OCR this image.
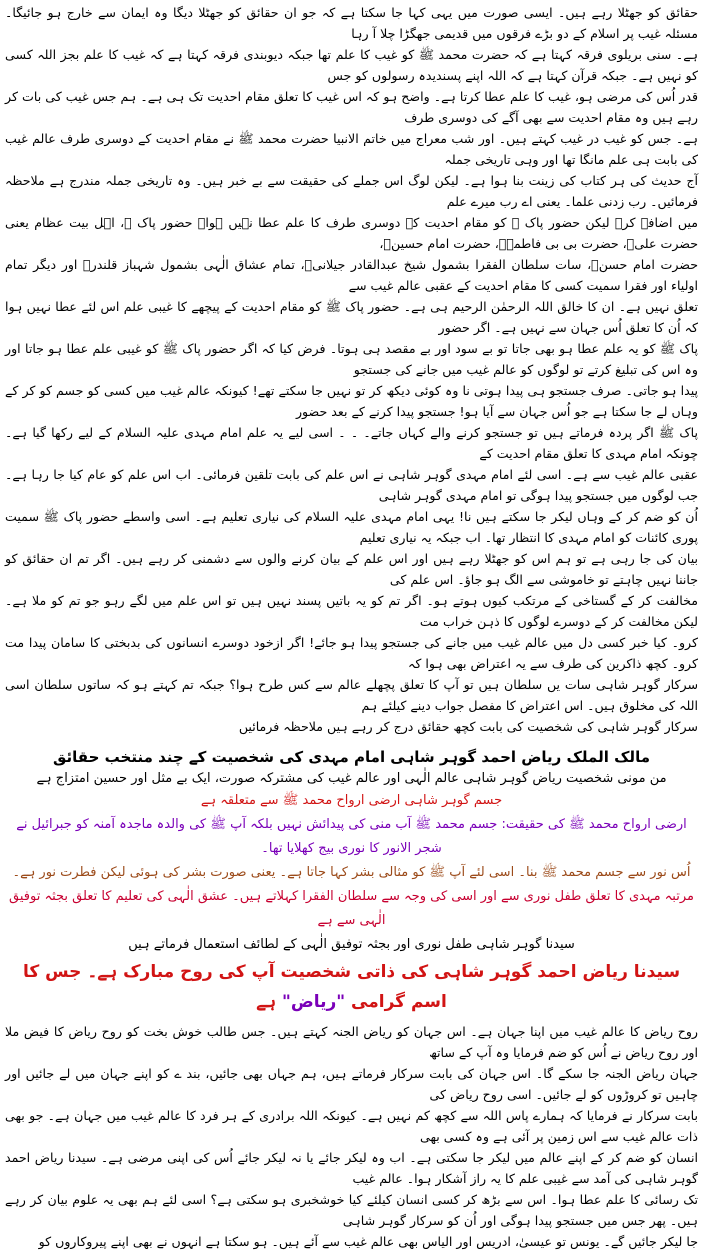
حقائق کو جھٹلا رہے ہیں۔ ایسی صورت میں یہی کہا جا سکتا ہے کہ جو ان حقائق کو جھٹلا دیگا وہ ایمان سے خارج ہو جائیگا۔ مسئلہ غیب پر اسلام کے دو بڑے فرقوں میں قدیمی جھگڑا چلا آ رہا

ہے۔ سنی بریلوی فرقہ کہتا ہے کہ حضرت محمد ﷺ کو غیب کا علم تھا جبکہ دیوبندی فرقہ کہتا ہے کہ غیب کا علم بجز اللہ کسی کو نہیں ہے۔ جبکہ قرآن کہتا ہے کہ اللہ اپنے پسندیدہ رسولوں کو جس

قدر اُس کی مرضی ہو، غیب کا علم عطا کرتا ہے۔ واضح ہو کہ اس غیب کا تعلق مقام احدیت تک ہی ہے۔ ہم جس غیب کی بات کر رہے ہیں وہ مقام احدیت سے بھی آگے کی دوسری طرف

ہے۔ جس کو غیب در غیب کہتے ہیں۔ اور شب معراج میں خاتم الانبیا حضرت محمد ﷺ نے مقام احدیت کے دوسری طرف عالم غیب کی بابت ہی علم مانگا تھا اور وہی تاریخی جملہ

آج حدیث کی ہر کتاب کی زینت بنا ہوا ہے۔ لیکن لوگ اس جملے کی حقیقت سے بے خبر ہیں۔ وہ تاریخی جملہ مندرج ہے ملاحظہ فرمائیں۔ رب زدنی علما۔ یعنی اے رب میرے علم

میں اضافہ کر۔ لیکن حضور پاک ﷺ کو مقام احدیت کے دوسری طرف کا علم عطا نہیں ہوا۔ حضور پاک ﷺ، اہل بیت عظام یعنی حضرت علیؓ، حضرت بی بی فاطمہؓ، حضرت امام حسینؓ،

حضرت امام حسنؓ، سات سلطان الفقرا بشمول شیخ عبدالقادر جیلانیؒ، تمام عشاق الٰہی بشمول شہباز قلندرؒ اور دیگر تمام اولیاء اور فقرا سمیت کسی کا مقام احدیت کے عقبی عالم غیب سے

تعلق نہیں ہے۔ ان کا خالق اللہ الرحمٰن الرحیم ہی ہے۔ حضور پاک ﷺ کو مقام احدیت کے پیچھے کا غیبی علم اس لئے عطا نہیں ہوا کہ اُن کا تعلق اُس جہان سے نہیں ہے۔ اگر حضور

پاک ﷺ کو یہ علم عطا ہو بھی جاتا تو بے سود اور بے مقصد ہی ہوتا۔ فرض کیا کہ اگر حضور پاک ﷺ کو غیبی علم عطا ہو جاتا اور وہ اس کی تبلیغ کرتے تو لوگوں کو عالم غیب میں جانے کی جستجو

پیدا ہو جاتی۔ صرف جستجو ہی پیدا ہوتی نا وہ کوئی دیکھ کر تو نہیں جا سکتے تھے! کیونکہ عالم غیب میں کسی کو جسم کو کر کے وہاں لے جا سکتا ہے جو اُس جہان سے آیا ہو! جستجو پیدا کرنے کے بعد حضور

پاک ﷺ اگر پردہ فرماتے ہیں تو جستجو کرنے والے کہاں جاتے۔ ۔ ۔ اسی لیے یہ علم امام مہدی علیہ السلام کے لیے رکھا گیا ہے۔ چونکہ امام مہدی کا تعلق مقام احدیت کے

عقبی عالم غیب سے ہے۔ اسی لئے امام مہدی گوہر شاہی نے اس علم کی بابت تلقین فرمائی۔ اب اس علم کو عام کیا جا رہا ہے۔ جب لوگوں میں جستجو پیدا ہوگی تو امام مہدی گوہر شاہی

اُن کو ضم کر کے وہاں لیکر جا سکتے ہیں نا! یہی امام مہدی علیہ السلام کی نیاری تعلیم ہے۔ اسی واسطے حضور پاک ﷺ سمیت پوری کائنات کو امام مہدی کا انتظار تھا۔ اب جبکہ یہ نیاری تعلیم

بیان کی جا رہی ہے تو ہم اس کو جھٹلا رہے ہیں اور اس علم کے بیان کرنے والوں سے دشمنی کر رہے ہیں۔ اگر تم ان حقائق کو جاننا نہیں چاہتے تو خاموشی سے الگ ہو جاؤ۔ اس علم کی

مخالفت کر کے گستاخی کے مرتکب کیوں ہوتے ہو۔ اگر تم کو یہ باتیں پسند نہیں ہیں تو اس علم میں لگے رہو جو تم کو ملا ہے۔ لیکن مخالفت کر کے دوسرے لوگوں کا ذہن خراب مت

کرو۔ کیا خبر کسی دل میں عالم غیب میں جانے کی جستجو پیدا ہو جائے! اگر ازخود دوسرے انسانوں کی بدبختی کا سامان پیدا مت کرو۔ کچھ ذاکرین کی طرف سے یہ اعتراض بھی ہوا کہ

سرکار گوہر شاہی سات یں سلطان ہیں تو آپ کا تعلق پچھلے عالم سے کس طرح ہوا؟ جبکہ تم کہتے ہو کہ ساتوں سلطان اسی اللہ کی مخلوق ہیں۔ اس اعتراض کا مفصل جواب دینے کیلئے ہم

سرکار گوہر شاہی کی شخصیت کی بابت کچھ حقائق درج کر رہے ہیں ملاحظہ فرمائیں

مالک الملک ریاض احمد گوہر شاہی امام مہدی کی شخصیت کے چند منتخب حقائق

من مونی شخصیت ریاض گوہر شاہی عالم الٰہی اور عالم غیب کی مشترکہ صورت، ایک بے مثل اور حسین امتزاج ہے

جسم گوہر شاہی ارضی ارواح محمد ﷺ سے متعلقہ ہے

ارضی ارواح محمد ﷺ کی حقیقت: جسم محمد ﷺ آب منی کی پیدائش نہیں بلکہ آپ ﷺ کی والدہ ماجدہ آمنہ کو جبرائیل نے شجر الانور کا نوری بیج کھلایا تھا۔

اُس نور سے جسم محمد ﷺ بنا۔ اسی لئے آپ ﷺ کو مثالی بشر کہا جاتا ہے۔ یعنی صورت بشر کی ہوئی لیکن فطرت نور ہے۔

مرتبہ مہدی کا تعلق طفل نوری سے اور اسی کی وجہ سے سلطان الفقرا کہلاتے ہیں۔ عشق الٰہی کی تعلیم کا تعلق بجثہ توفیق الٰہی سے ہے

سیدنا گوہر شاہی طفل نوری اور بجثہ توفیق الٰہی کے لطائف استعمال فرماتے ہیں

سیدنا ریاض احمد گوہر شاہی کی ذاتی شخصیت آپ کی روح مبارک ہے۔ جس کا اسم گرامی "ریاض" ہے

روح ریاض کا عالم غیب میں اپنا جہان ہے۔ اس جہان کو ریاض الجنہ کہتے ہیں۔ جس طالب خوش بخت کو روح ریاض کا فیض ملا اور روح ریاض نے اُس کو ضم فرمایا وہ آپ کے ساتھ

جہان ریاض الجنہ جا سکے گا۔ اس جہان کی بابت سرکار فرماتے ہیں، ہم جہاں بھی جائیں، بند ے کو اپنے جہان میں لے جائیں اور چاہیں تو کروڑوں کو لے جائیں۔ اسی روح ریاض کی

بابت سرکار نے فرمایا کہ ہمارے پاس اللہ سے کچھ کم نہیں ہے۔ کیونکہ اللہ برادری کے ہر فرد کا عالم غیب میں جہان ہے۔ جو بھی ذات عالم غیب سے اس زمین پر آئی ہے وہ کسی بھی

انسان کو ضم کر کے اپنے عالم میں لیکر جا سکتی ہے۔ اب وہ لیکر جائے یا نہ لیکر جائے اُس کی اپنی مرضی ہے۔ سیدنا ریاض احمد گوہر شاہی کی آمد سے غیبی علم کا یہ راز آشکار ہوا۔ عالم غیب

تک رسائی کا علم عطا ہوا۔ اس سے بڑھ کر کسی انسان کیلئے کیا خوشخبری ہو سکتی ہے؟ اسی لئے ہم بھی یہ علوم بیان کر رہے ہیں۔ پھر جس میں جستجو پیدا ہوگی اور اُن کو سرکار گوہر شاہی

جا لیکر جائیں گے۔ یونس تو عیسیٰ، ادریس اور الیاس بھی عالم غیب سے آئے ہیں۔ ہو سکتا ہے انہوں نے بھی اپنے پیروکاروں کو
